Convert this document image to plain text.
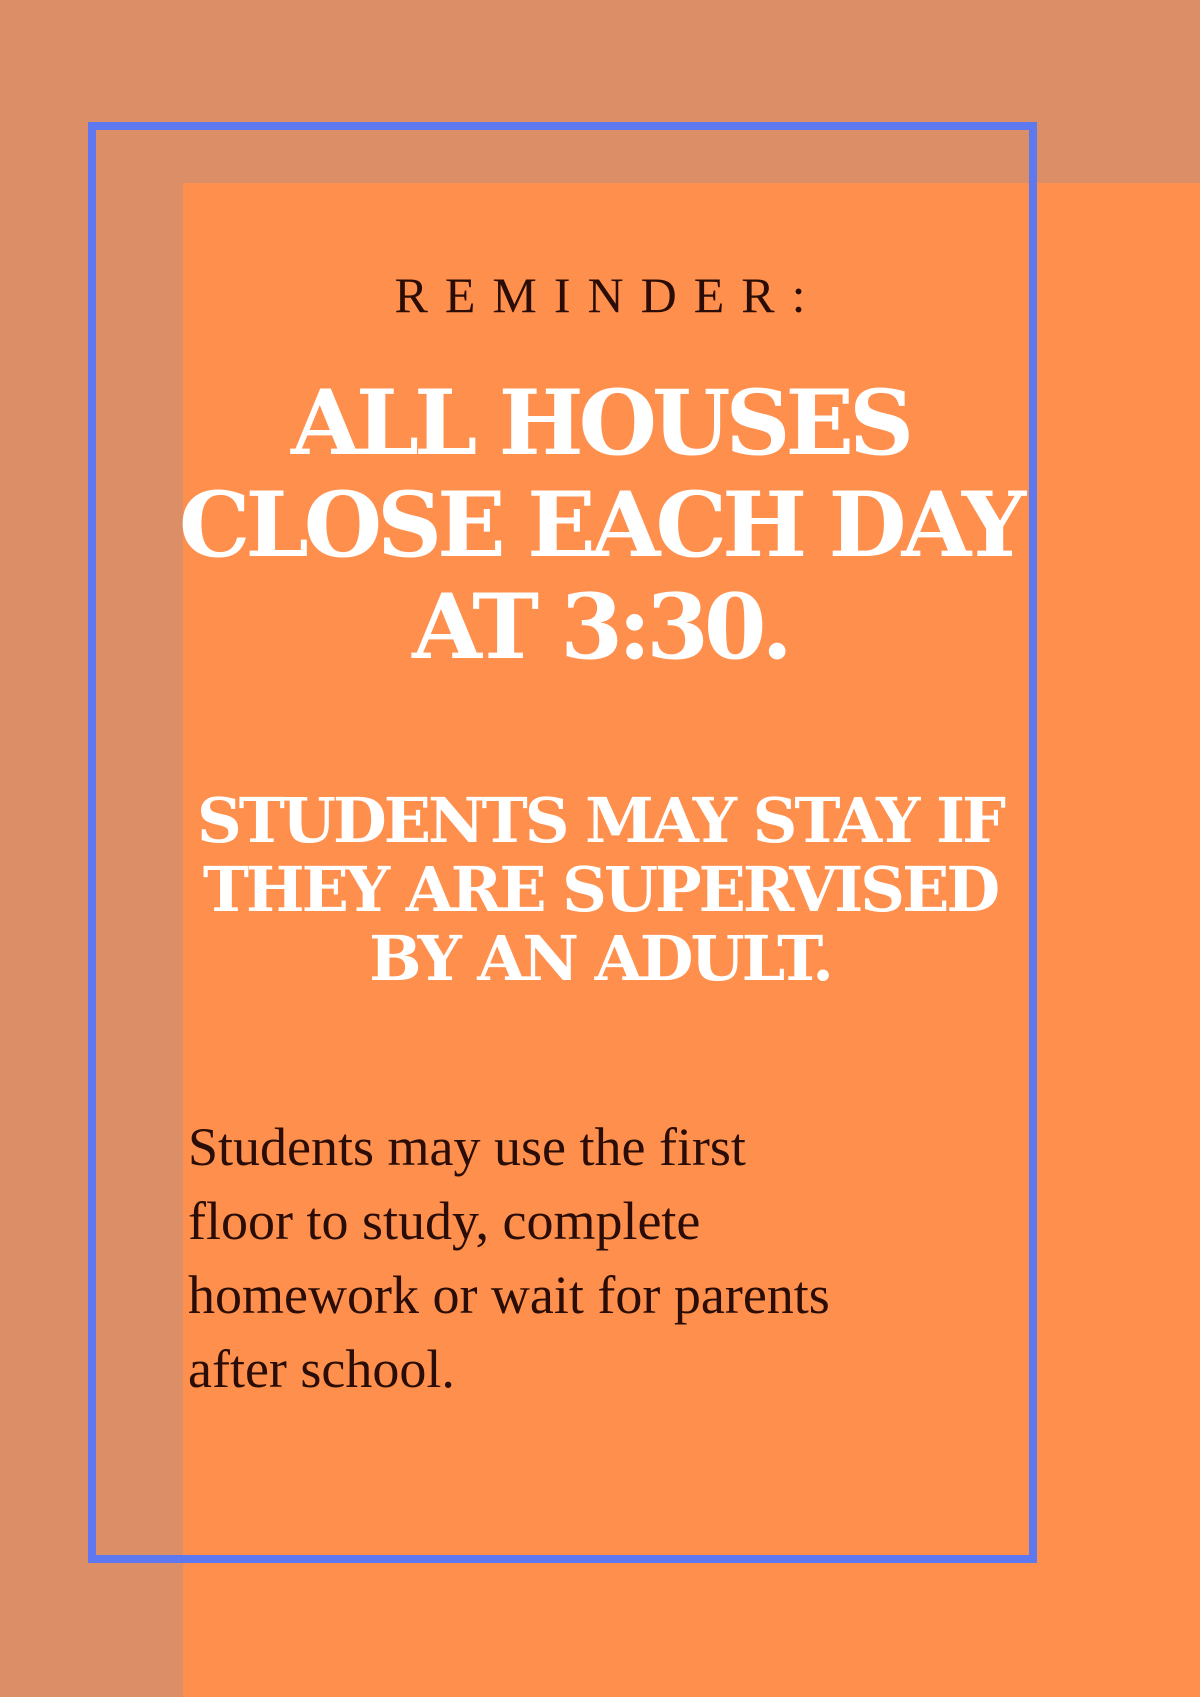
REMINDER:
ALL HOUSES
CLOSE EACH DAY
AT 3:30.
STUDENTS MAY STAY IF
THEY ARE SUPERVISED
BY AN ADULT.

Students may use the first
floor to study, complete
homework or wait for parents
after school.
